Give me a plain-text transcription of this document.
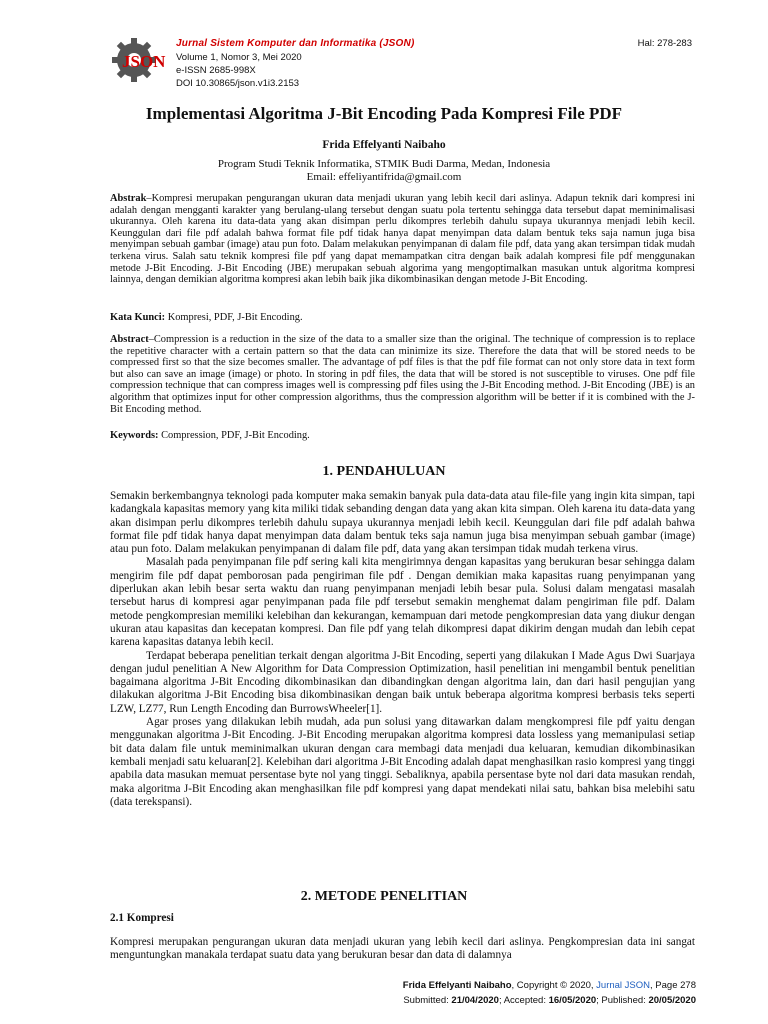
JSON
Jurnal Sistem Komputer dan Informatika (JSON)
Volume 1, Nomor 3, Mei 2020
e-ISSN 2685-998X
DOI 10.30865/json.v1i3.2153
Hal: 278-283
Implementasi Algoritma J-Bit Encoding Pada Kompresi File PDF
Frida Effelyanti Naibaho
Program Studi Teknik Informatika, STMIK Budi Darma, Medan, Indonesia
Email: effeliyantifrida@gmail.com
Abstrak–Kompresi merupakan pengurangan ukuran data menjadi ukuran yang lebih kecil dari aslinya. Adapun teknik dari kompresi ini adalah dengan mengganti karakter yang berulang-ulang tersebut dengan suatu pola tertentu sehingga data tersebut dapat meminimalisasi ukurannya. Oleh karena itu data-data yang akan disimpan perlu dikompres terlebih dahulu supaya ukurannya menjadi lebih kecil. Keunggulan dari file pdf adalah bahwa format file pdf tidak hanya dapat menyimpan data dalam bentuk teks saja namun juga bisa menyimpan sebuah gambar (image) atau pun foto. Dalam melakukan penyimpanan di dalam file pdf, data yang akan tersimpan tidak mudah terkena virus. Salah satu teknik kompresi file pdf yang dapat memampatkan citra dengan baik adalah kompresi file pdf menggunakan metode J-Bit Encoding. J-Bit Encoding (JBE) merupakan sebuah algorima yang mengoptimalkan masukan untuk algoritma kompresi lainnya, dengan demikian algoritma kompresi akan lebih baik jika dikombinasikan dengan metode J-Bit Encoding.
Kata Kunci: Kompresi, PDF, J-Bit Encoding.
Abstract–Compression is a reduction in the size of the data to a smaller size than the original. The technique of compression is to replace the repetitive character with a certain pattern so that the data can minimize its size. Therefore the data that will be stored needs to be compressed first so that the size becomes smaller. The advantage of pdf files is that the pdf file format can not only store data in text form but also can save an image (image) or photo. In storing in pdf files, the data that will be stored is not susceptible to viruses. One pdf file compression technique that can compress images well is compressing pdf files using the J-Bit Encoding method. J-Bit Encoding (JBE) is an algorithm that optimizes input for other compression algorithms, thus the compression algorithm will be better if it is combined with the J-Bit Encoding method.
Keywords: Compression, PDF, J-Bit Encoding.
1. PENDAHULUAN

Semakin berkembangnya teknologi pada komputer maka semakin banyak pula data-data atau file-file yang ingin kita simpan, tapi kadangkala kapasitas memory yang kita miliki tidak sebanding dengan data yang akan kita simpan. Oleh karena itu data-data yang akan disimpan perlu dikompres terlebih dahulu supaya ukurannya menjadi lebih kecil. Keunggulan dari file pdf adalah bahwa format file pdf tidak hanya dapat menyimpan data dalam bentuk teks saja namun juga bisa menyimpan sebuah gambar (image) atau pun foto. Dalam melakukan penyimpanan di dalam file pdf, data yang akan tersimpan tidak mudah terkena virus.

Masalah pada penyimpanan file pdf sering kali kita mengirimnya dengan kapasitas yang berukuran besar sehingga dalam mengirim file pdf dapat pemborosan pada pengiriman file pdf . Dengan demikian maka kapasitas ruang penyimpanan yang diperlukan akan lebih besar serta waktu dan ruang penyimpanan menjadi lebih besar pula. Solusi dalam mengatasi masalah tersebut harus di kompresi agar penyimpanan pada file pdf tersebut semakin menghemat dalam pengiriman file pdf. Dalam metode pengkompresian memiliki kelebihan dan kekurangan, kemampuan dari metode pengkompresian data yang diukur dengan ukuran atau kapasitas dan kecepatan kompresi. Dan file pdf yang telah dikompresi dapat dikirim dengan mudah dan lebih cepat karena kapasitas datanya lebih kecil.

Terdapat beberapa penelitian terkait dengan algoritma J-Bit Encoding, seperti yang dilakukan I Made Agus Dwi Suarjaya dengan judul penelitian A New Algorithm for Data Compression Optimization, hasil penelitian ini mengambil bentuk penelitian bagaimana algoritma J-Bit Encoding dikombinasikan dan dibandingkan dengan algoritma lain, dan dari hasil pengujian yang dilakukan algoritma J-Bit Encoding bisa dikombinasikan dengan baik untuk beberapa algoritma kompresi berbasis teks seperti LZW, LZ77, Run Length Encoding dan BurrowsWheeler[1].

Agar proses yang dilakukan lebih mudah, ada pun solusi yang ditawarkan dalam mengkompresi file pdf yaitu dengan menggunakan algoritma J-Bit Encoding. J-Bit Encoding merupakan algoritma kompresi data lossless yang memanipulasi setiap bit data dalam file untuk meminimalkan ukuran dengan cara membagi data menjadi dua keluaran, kemudian dikombinasikan kembali menjadi satu keluaran[2]. Kelebihan dari algoritma J-Bit Encoding adalah dapat menghasilkan rasio kompresi yang tinggi apabila data masukan memuat persentase byte nol yang tinggi. Sebaliknya, apabila persentase byte nol dari data masukan rendah, maka algoritma J-Bit Encoding akan menghasilkan file pdf kompresi yang dapat mendekati nilai satu, bahkan bisa melebihi satu (data terekspansi).

2. METODE PENELITIAN
2.1 Kompresi

Kompresi merupakan pengurangan ukuran data menjadi ukuran yang lebih kecil dari aslinya. Pengkompresian data ini sangat menguntungkan manakala terdapat suatu data yang berukuran besar dan data di dalamnya

Frida Effelyanti Naibaho, Copyright © 2020, Jurnal JSON, Page 278
Submitted: 21/04/2020; Accepted: 16/05/2020; Published: 20/05/2020
